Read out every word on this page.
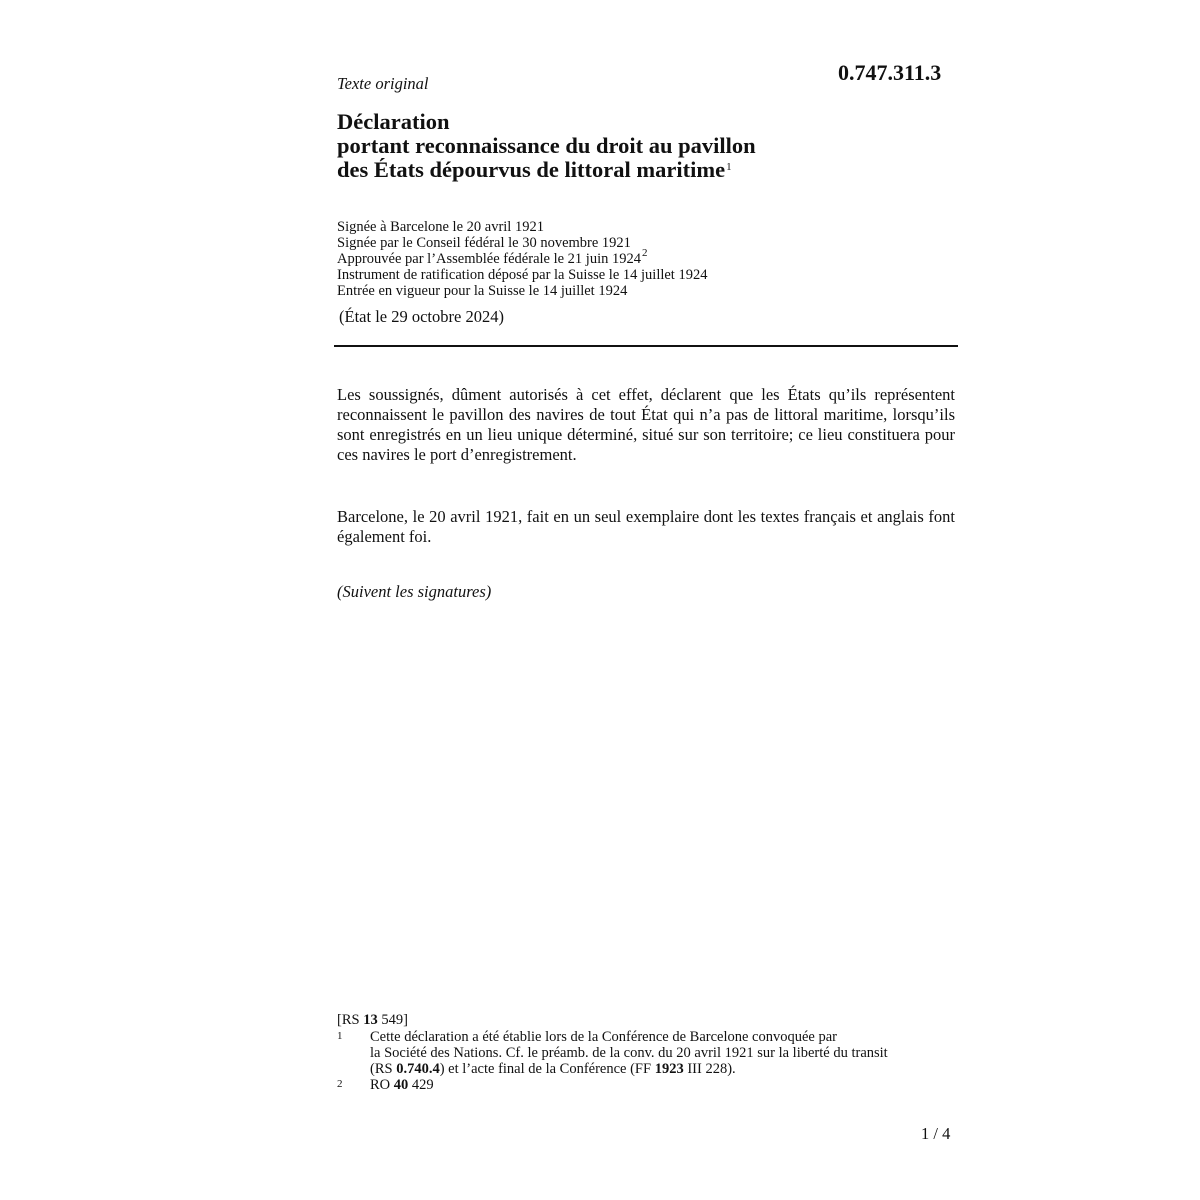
0.747.311.3
Texte original
Déclaration
portant reconnaissance du droit au pavillon
des États dépourvus de littoral maritime$^1$
Signée à Barcelone le 20 avril 1921
Signée par le Conseil fédéral le 30 novembre 1921
Approuvée par l’Assemblée fédérale le 21 juin 1924$^2$
Instrument de ratification déposé par la Suisse le 14 juillet 1924
Entrée en vigueur pour la Suisse le 14 juillet 1924
(État le 29 octobre 2024)
Les soussignés, dûment autorisés à cet effet, déclarent que les États qu’ils représentent reconnaissent le pavillon des navires de tout État qui n’a pas de littoral maritime, lorsqu’ils sont enregistrés en un lieu unique déterminé, situé sur son territoire; ce lieu constituera pour ces navires le port d’enregistrement.
Barcelone, le 20 avril 1921, fait en un seul exemplaire dont les textes français et anglais font également foi.
(Suivent les signatures)
[RS 13 549]
1	Cette déclaration a été établie lors de la Conférence de Barcelone convoquée par
la Société des Nations. Cf. le préamb. de la conv. du 20 avril 1921 sur la liberté du transit
(RS 0.740.4) et l’acte final de la Conférence (FF 1923 III 228).
2	RO 40 429
1 / 4
